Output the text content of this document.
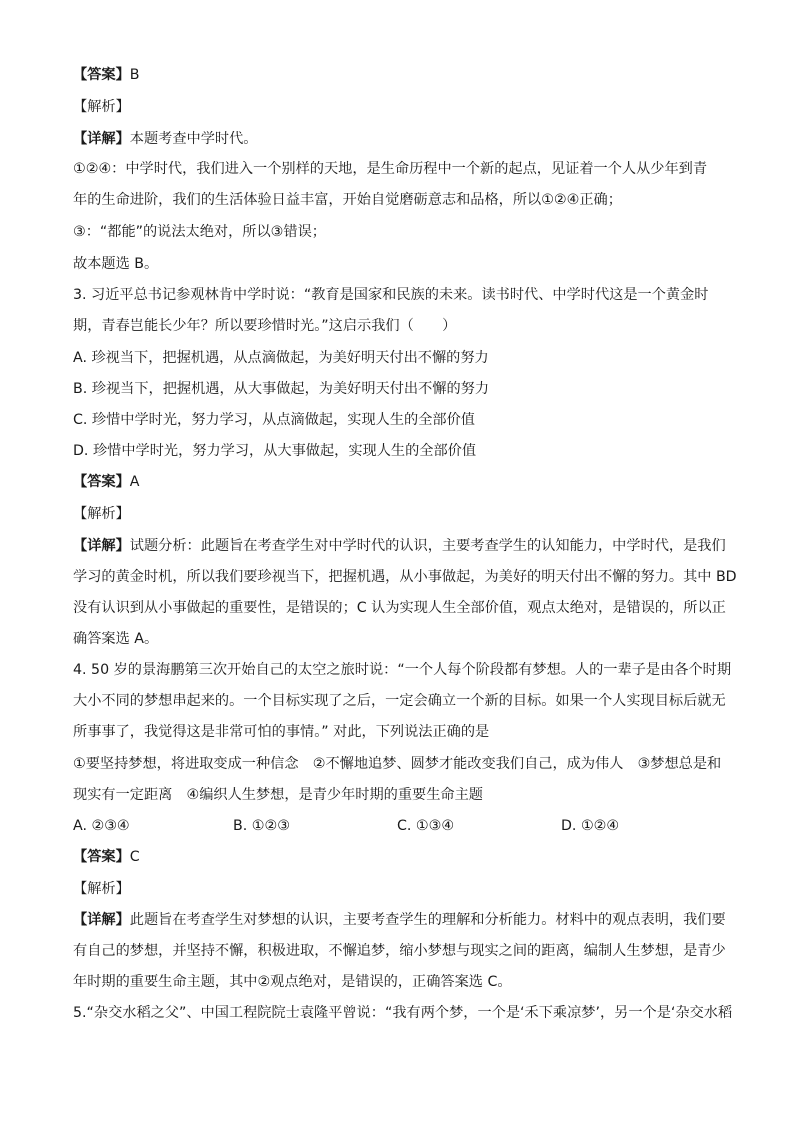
【答案】B
【解析】
【详解】本题考查中学时代。
①②④：中学时代，我们进入一个别样的天地，是生命历程中一个新的起点，见证着一个人从少年到青
年的生命进阶，我们的生活体验日益丰富，开始自觉磨砺意志和品格，所以①②④正确；
③：“都能”的说法太绝对，所以③错误；
故本题选 B。
3. 习近平总书记参观林肯中学时说：“教育是国家和民族的未来。读书时代、中学时代这是一个黄金时
期，青春岂能长少年？所以要珍惜时光。”这启示我们（　　）
A. 珍视当下，把握机遇，从点滴做起，为美好明天付出不懈的努力
B. 珍视当下，把握机遇，从大事做起，为美好明天付出不懈的努力
C. 珍惜中学时光，努力学习，从点滴做起，实现人生的全部价值
D. 珍惜中学时光，努力学习，从大事做起，实现人生的全部价值
【答案】A
【解析】
【详解】试题分析：此题旨在考查学生对中学时代的认识，主要考查学生的认知能力，中学时代，是我们
学习的黄金时机，所以我们要珍视当下，把握机遇，从小事做起，为美好的明天付出不懈的努力。其中 BD
没有认识到从小事做起的重要性，是错误的；C 认为实现人生全部价值，观点太绝对，是错误的，所以正
确答案选 A。
4. 50 岁的景海鹏第三次开始自己的太空之旅时说：“一个人每个阶段都有梦想。人的一辈子是由各个时期
大小不同的梦想串起来的。一个目标实现了之后，一定会确立一个新的目标。如果一个人实现目标后就无
所事事了，我觉得这是非常可怕的事情。” 对此，下列说法正确的是
①要坚持梦想，将进取变成一种信念　②不懈地追梦、圆梦才能改变我们自己，成为伟人　③梦想总是和
现实有一定距离　④编织人生梦想，是青少年时期的重要生命主题
A. ②③④	B. ①②③	C. ①③④	D. ①②④
【答案】C
【解析】
【详解】此题旨在考查学生对梦想的认识，主要考查学生的理解和分析能力。材料中的观点表明，我们要
有自己的梦想，并坚持不懈，积极进取，不懈追梦，缩小梦想与现实之间的距离，编制人生梦想，是青少
年时期的重要生命主题，其中②观点绝对，是错误的，正确答案选 C。
5.“杂交水稻之父”、中国工程院院士袁隆平曾说：“我有两个梦，一个是‘禾下乘凉梦’，另一个是‘杂交水稻
